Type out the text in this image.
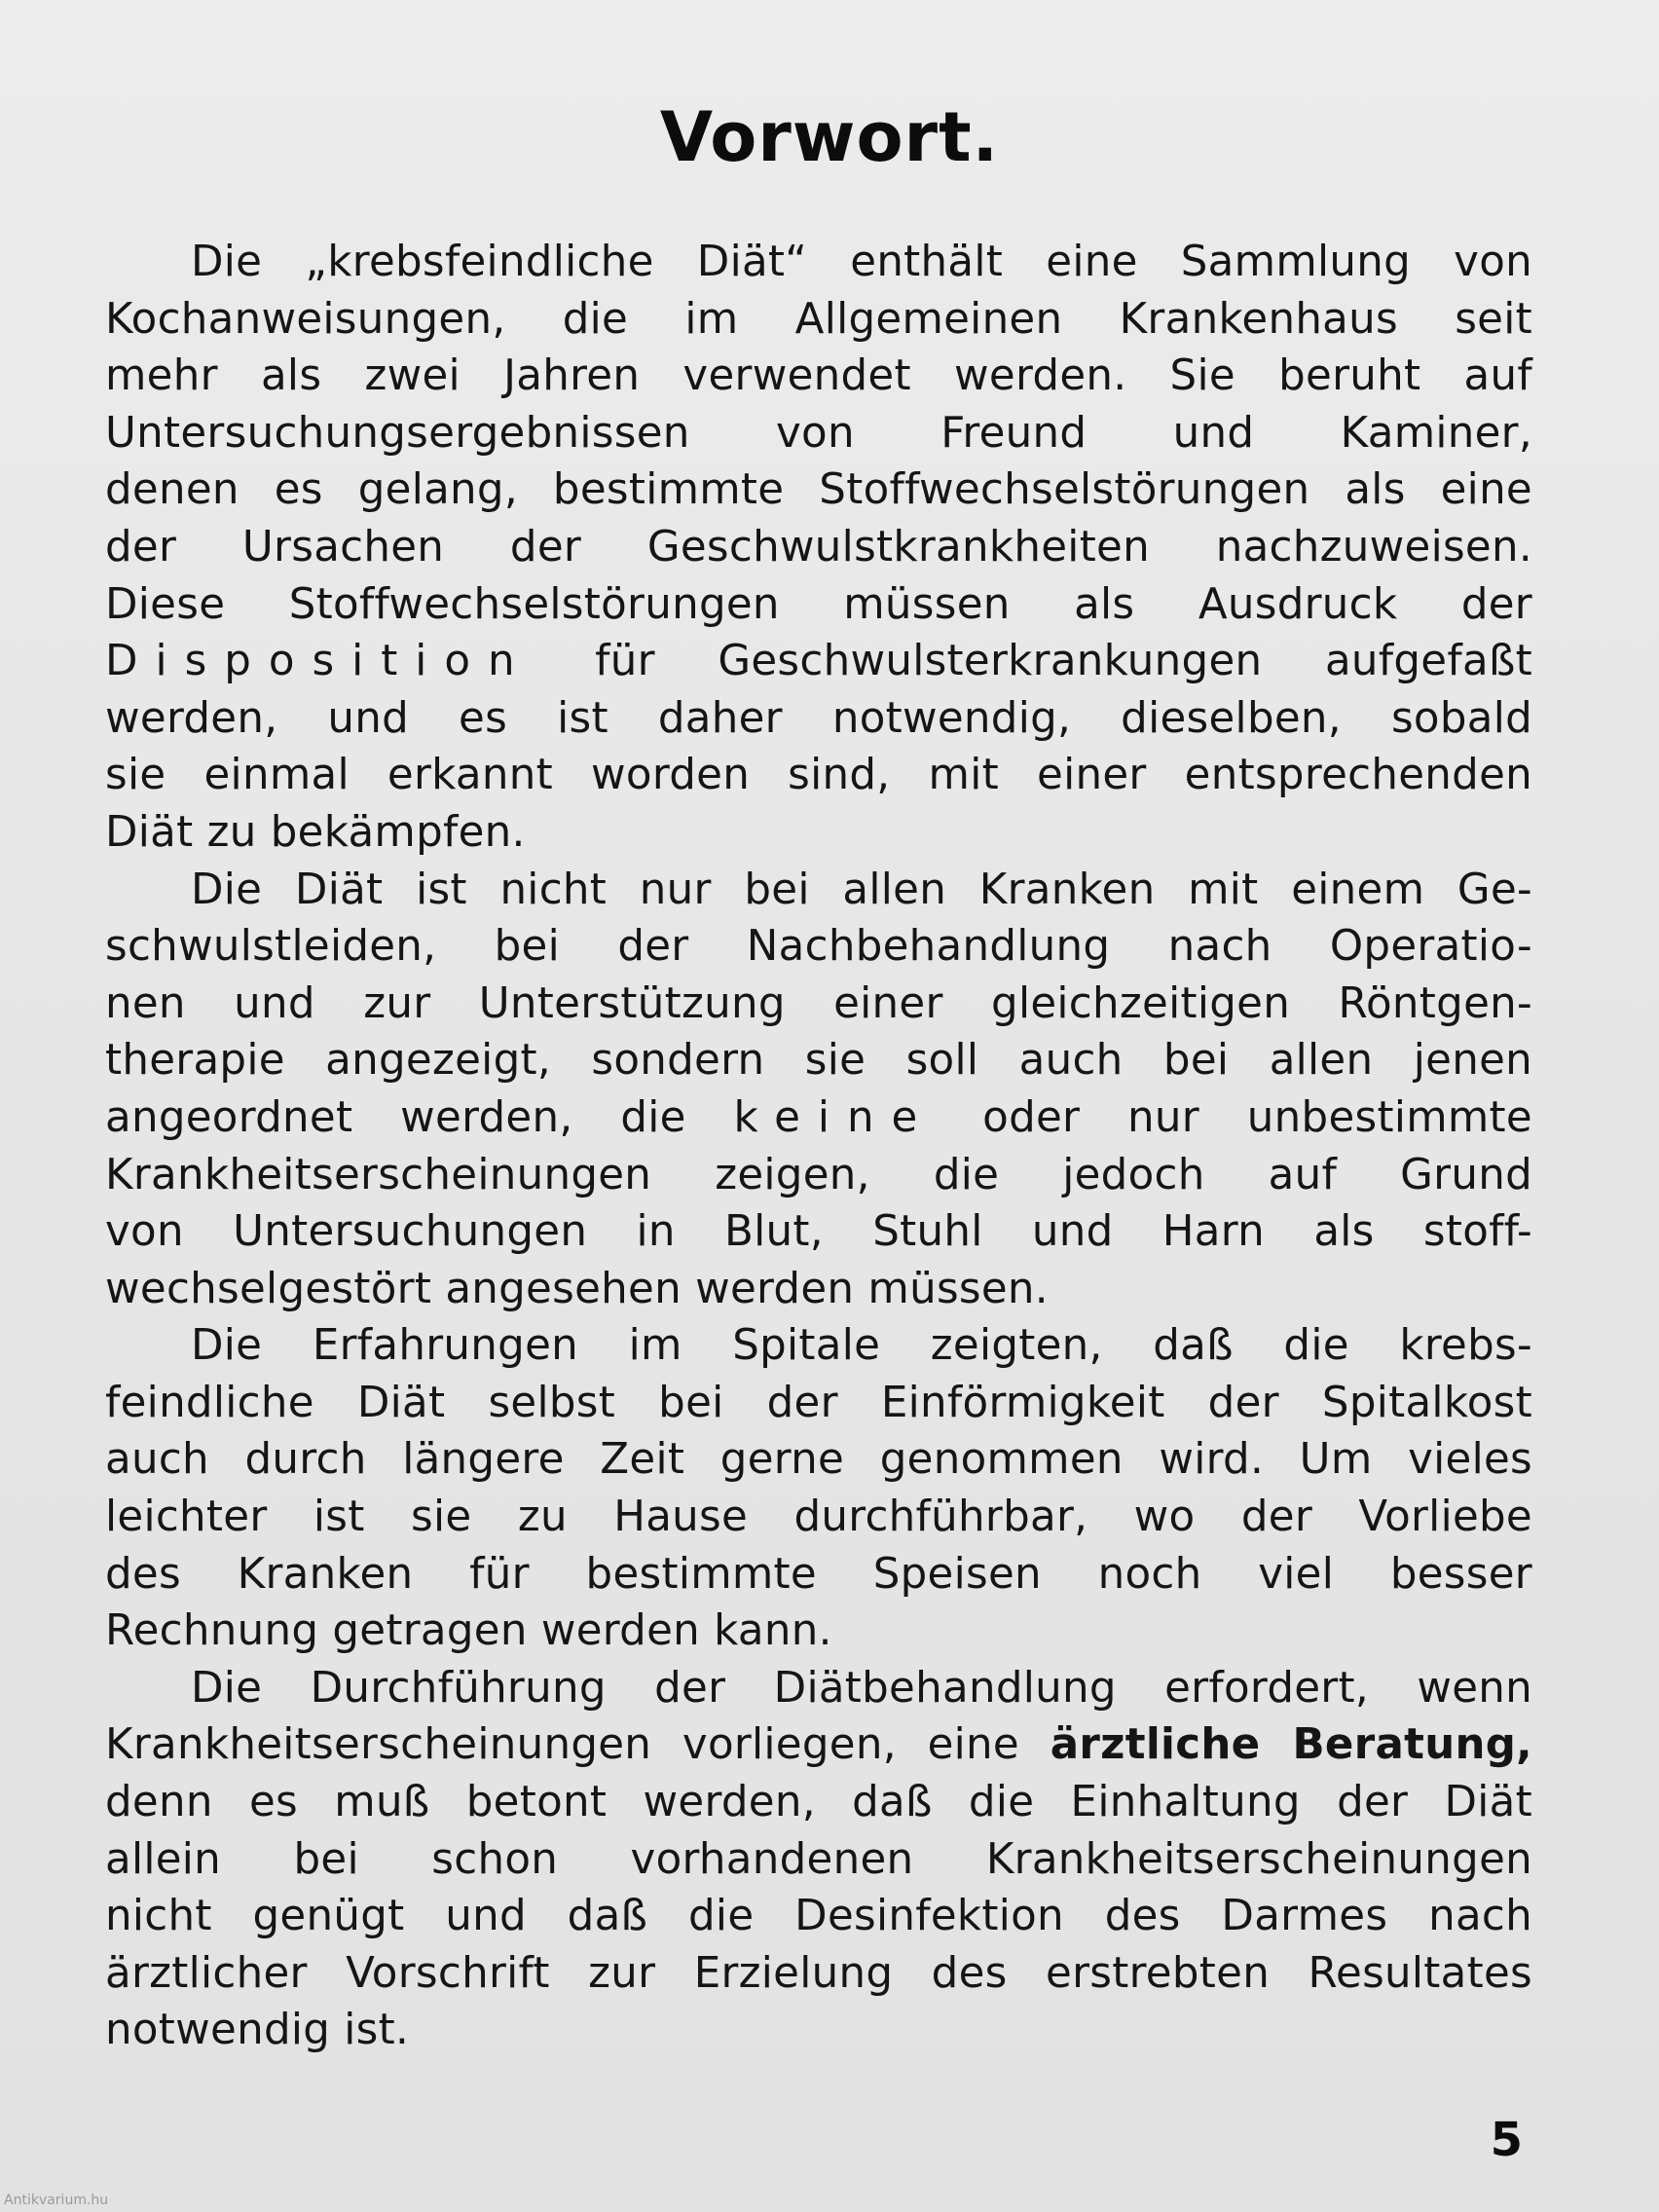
Vorwort.
Die „krebsfeindliche Diät“ enthält eine Sammlung von
Kochanweisungen, die im Allgemeinen Krankenhaus seit
mehr als zwei Jahren verwendet werden. Sie beruht auf
Untersuchungsergebnissen von Freund und Kaminer,
denen es gelang, bestimmte Stoffwechselstörungen als eine
der Ursachen der Geschwulstkrankheiten nachzuweisen.
Diese Stoffwechselstörungen müssen als Ausdruck der
Disposition für Geschwulsterkrankungen aufgefaßt
werden, und es ist daher notwendig, dieselben, sobald
sie einmal erkannt worden sind, mit einer entsprechenden
Diät zu bekämpfen.
Die Diät ist nicht nur bei allen Kranken mit einem Ge-
schwulstleiden, bei der Nachbehandlung nach Operatio-
nen und zur Unterstützung einer gleichzeitigen Röntgen-
therapie angezeigt, sondern sie soll auch bei allen jenen
angeordnet werden, die keine oder nur unbestimmte
Krankheitserscheinungen zeigen, die jedoch auf Grund
von Untersuchungen in Blut, Stuhl und Harn als stoff-
wechselgestört angesehen werden müssen.
Die Erfahrungen im Spitale zeigten, daß die krebs-
feindliche Diät selbst bei der Einförmigkeit der Spitalkost
auch durch längere Zeit gerne genommen wird. Um vieles
leichter ist sie zu Hause durchführbar, wo der Vorliebe
des Kranken für bestimmte Speisen noch viel besser
Rechnung getragen werden kann.
Die Durchführung der Diätbehandlung erfordert, wenn
Krankheitserscheinungen vorliegen, eine ärztliche Beratung,
denn es muß betont werden, daß die Einhaltung der Diät
allein bei schon vorhandenen Krankheitserscheinungen
nicht genügt und daß die Desinfektion des Darmes nach
ärztlicher Vorschrift zur Erzielung des erstrebten Resultates
notwendig ist.
5
Antikvarium.hu
